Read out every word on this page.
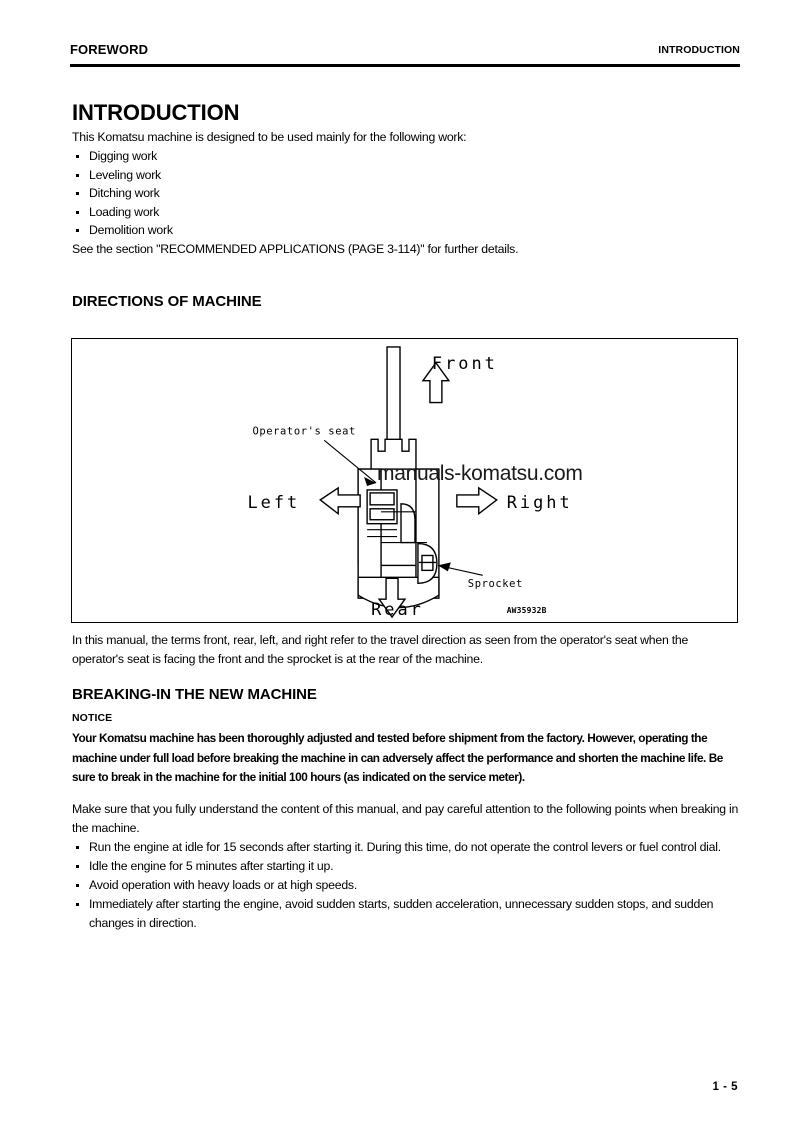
FOREWORD	INTRODUCTION
INTRODUCTION
This Komatsu machine is designed to be used mainly for the following work:
Digging work
Leveling work
Ditching work
Loading work
Demolition work
See the section "RECOMMENDED APPLICATIONS (PAGE 3-114)" for further details.
DIRECTIONS OF MACHINE
Front
Rear
Left	Right
Operator's seat
Sprocket
AW35932B
manuals-komatsu.com
In this manual, the terms front, rear, left, and right refer to the travel direction as seen from the operator's seat when the operator's seat is facing the front and the sprocket is at the rear of the machine.
BREAKING-IN THE NEW MACHINE
NOTICE
Your Komatsu machine has been thoroughly adjusted and tested before shipment from the factory. However, operating the machine under full load before breaking the machine in can adversely affect the performance and shorten the machine life. Be sure to break in the machine for the initial 100 hours (as indicated on the service meter).
Make sure that you fully understand the content of this manual, and pay careful attention to the following points when breaking in the machine.
Run the engine at idle for 15 seconds after starting it. During this time, do not operate the control levers or fuel control dial.
Idle the engine for 5 minutes after starting it up.
Avoid operation with heavy loads or at high speeds.
Immediately after starting the engine, avoid sudden starts, sudden acceleration, unnecessary sudden stops, and sudden changes in direction.
1 - 5
